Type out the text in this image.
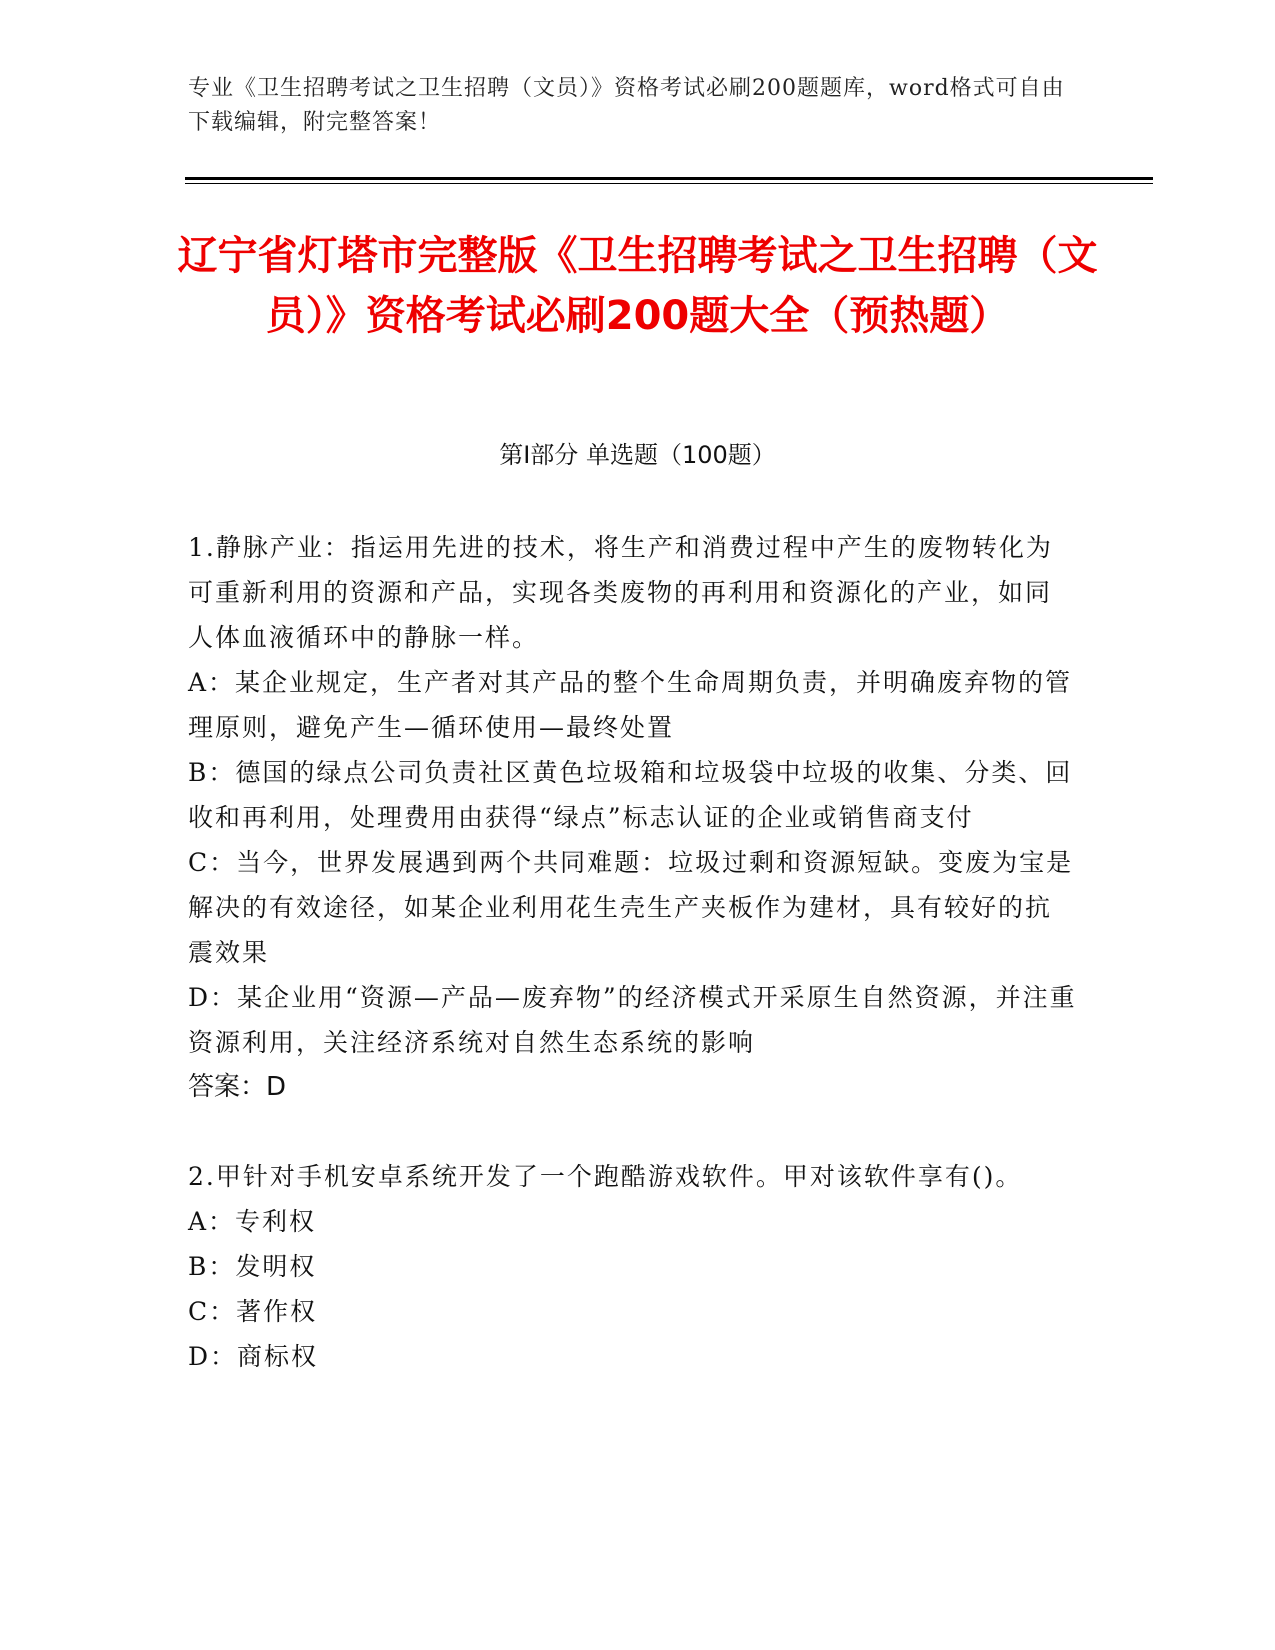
专业《卫生招聘考试之卫生招聘（文员）》资格考试必刷200题题库，word格式可自由下载编辑，附完整答案！
辽宁省灯塔市完整版《卫生招聘考试之卫生招聘（文员）》资格考试必刷200题大全（预热题）
第I部分 单选题（100题）

1.静脉产业：指运用先进的技术，将生产和消费过程中产生的废物转化为可重新利用的资源和产品，实现各类废物的再利用和资源化的产业，如同人体血液循环中的静脉一样。

A：某企业规定，生产者对其产品的整个生命周期负责，并明确废弃物的管理原则，避免产生—循环使用—最终处置

B：德国的绿点公司负责社区黄色垃圾箱和垃圾袋中垃圾的收集、分类、回收和再利用，处理费用由获得“绿点”标志认证的企业或销售商支付

C：当今，世界发展遇到两个共同难题：垃圾过剩和资源短缺。变废为宝是解决的有效途径，如某企业利用花生壳生产夹板作为建材，具有较好的抗震效果

D：某企业用“资源—产品—废弃物”的经济模式开采原生自然资源，并注重资源利用，关注经济系统对自然生态系统的影响

答案：D

2.甲针对手机安卓系统开发了一个跑酷游戏软件。甲对该软件享有()。

A：专利权

B：发明权

C：著作权

D：商标权
